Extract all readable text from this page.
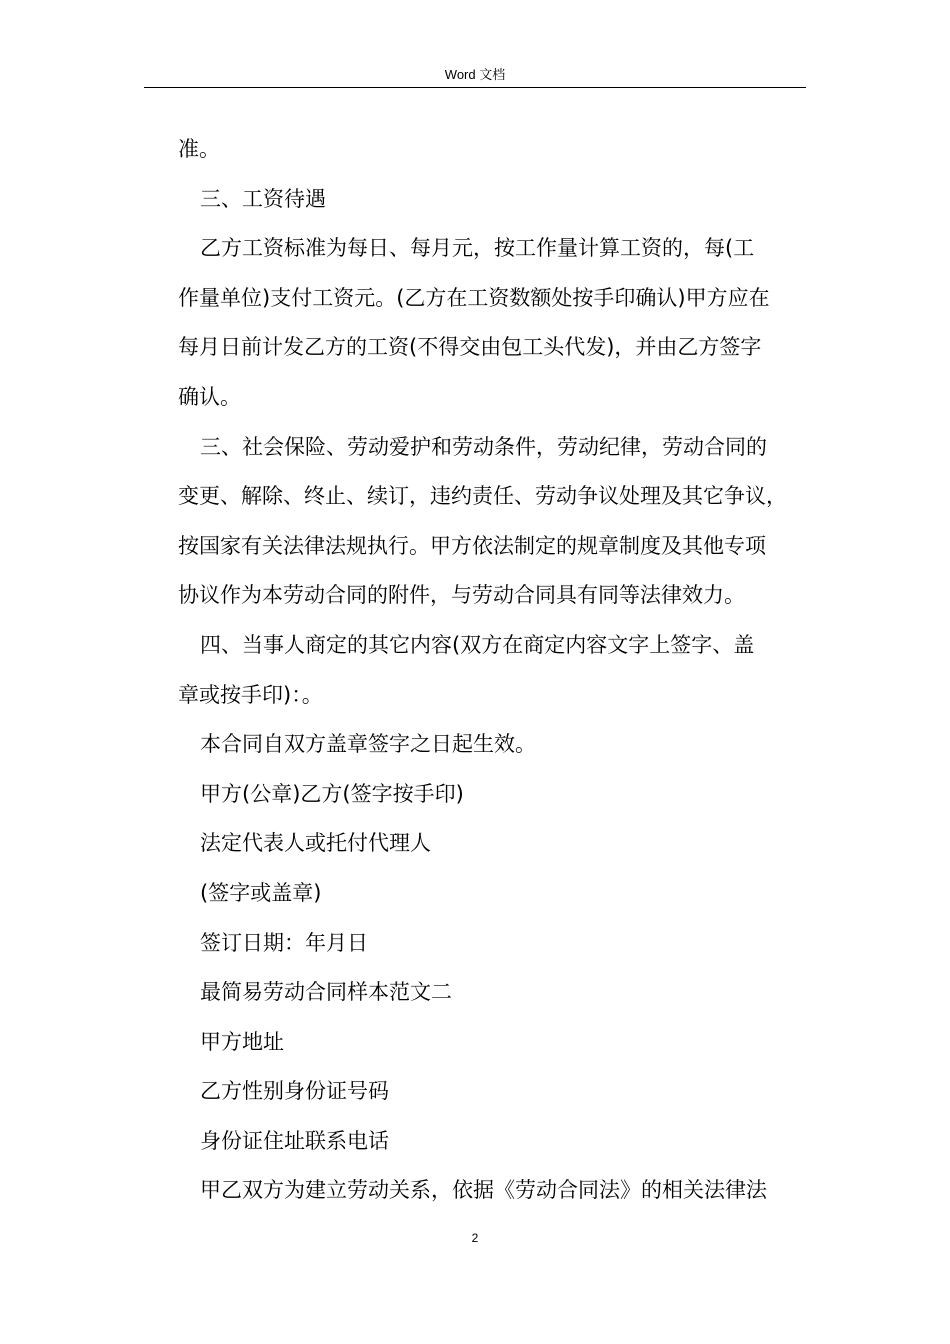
Word 文档
准。
三、工资待遇
乙方工资标准为每日、每月元，按工作量计算工资的，每(工
作量单位)支付工资元。(乙方在工资数额处按手印确认)甲方应在
每月日前计发乙方的工资(不得交由包工头代发)，并由乙方签字
确认。
三、社会保险、劳动爱护和劳动条件，劳动纪律，劳动合同的
变更、解除、终止、续订，违约责任、劳动争议处理及其它争议，
按国家有关法律法规执行。甲方依法制定的规章制度及其他专项
协议作为本劳动合同的附件，与劳动合同具有同等法律效力。
四、当事人商定的其它内容(双方在商定内容文字上签字、盖
章或按手印)：。
本合同自双方盖章签字之日起生效。
甲方(公章)乙方(签字按手印)
法定代表人或托付代理人
(签字或盖章)
签订日期：年月日
最简易劳动合同样本范文二
甲方地址
乙方性别身份证号码
身份证住址联系电话
甲乙双方为建立劳动关系，依据《劳动合同法》的相关法律法
2
